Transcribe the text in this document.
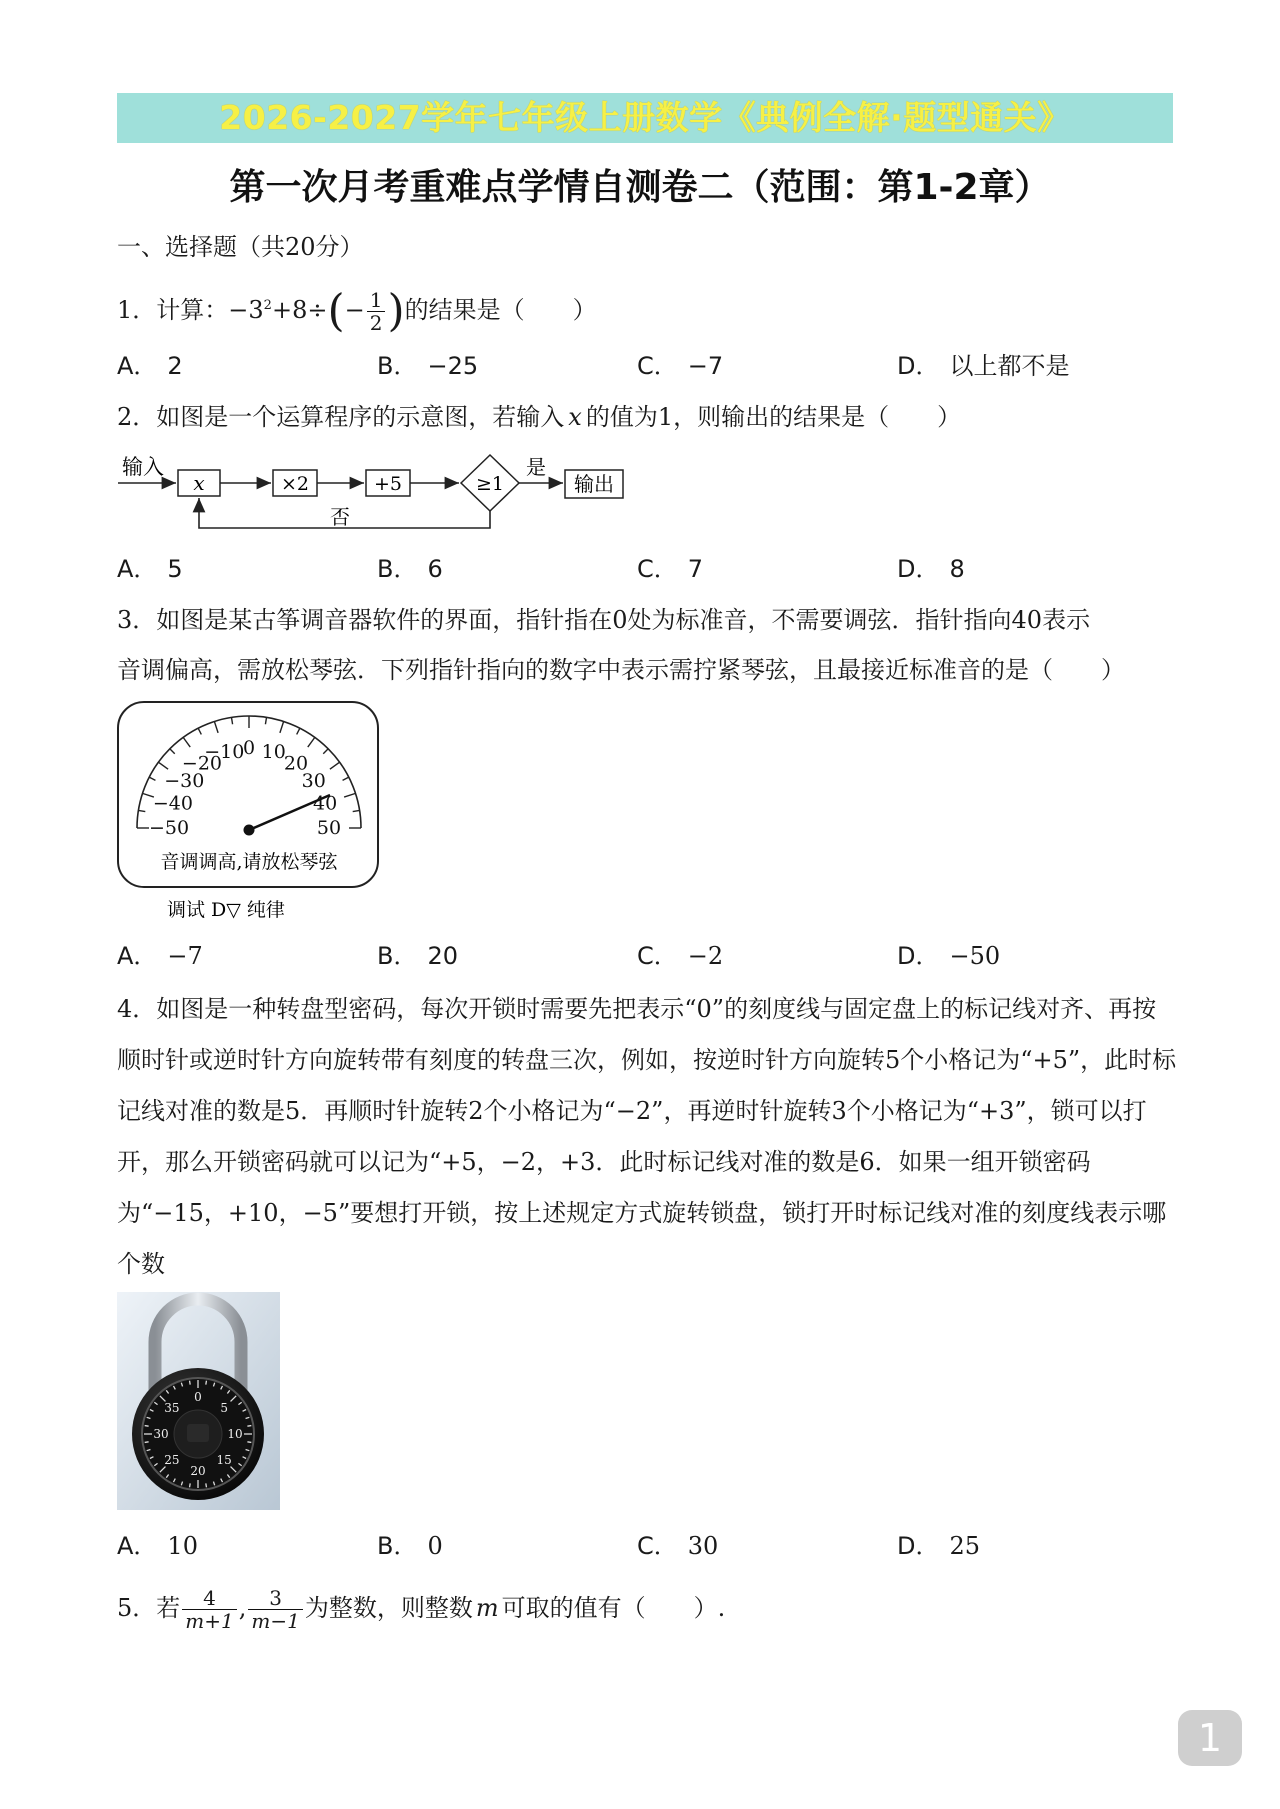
2026-2027学年七年级上册数学《典例全解·题型通关》
第一次月考重难点学情自测卷二（范围：第1-2章）
一、选择题（共20分）
1．计算：$-3^2+8\div(- \frac{1}{2}$ )的结果是（　　）
A． 2	B． −25	C． −7	D． 以上都不是
2．如图是一个运算程序的示意图，若输入 x 的值为1，则输出的结果是（　　）
输入
x	×2	+5	≥1
是
输出
否
A． 5	B． 6	C． 7	D． 8
3．如图是某古筝调音器软件的界面，指针指在0处为标准音，不需要调弦．指针指向40表示
音调偏高，需放松琴弦．下列指针指向的数字中表示需拧紧琴弦，且最接近标准音的是（　　）
−50
−40
−30
−20
−10
0 10
20
30
40
50
音调调高,请放松琴弦
调试 D▽ 纯律
A． −7	B． 20	C． −2	D． −50
4．如图是一种转盘型密码，每次开锁时需要先把表示“0”的刻度线与固定盘上的标记线对齐、再按顺时针或逆时针方向旋转带有刻度的转盘三次，例如，按逆时针方向旋转5个小格记为“+5”，此时标记线对准的数是5．再顺时针旋转2个小格记为“−2”，再逆时针旋转3个小格记为“+3”，锁可以打开，那么开锁密码就可以记为“+5，−2，+3．此时标记线对准的数是6．如果一组开锁密码为“−15，+10，−5”要想打开锁，按上述规定方式旋转锁盘，锁打开时标记线对准的刻度线表示哪个数
0
5
10
15
20
25
30
35
A． 10	B． 0	C． 30	D． 25
5．若 $\frac{4}{m+1}$ , $\frac{3}{m-1}$ 为整数，则整数 m 可取的值有（　　）.
1
